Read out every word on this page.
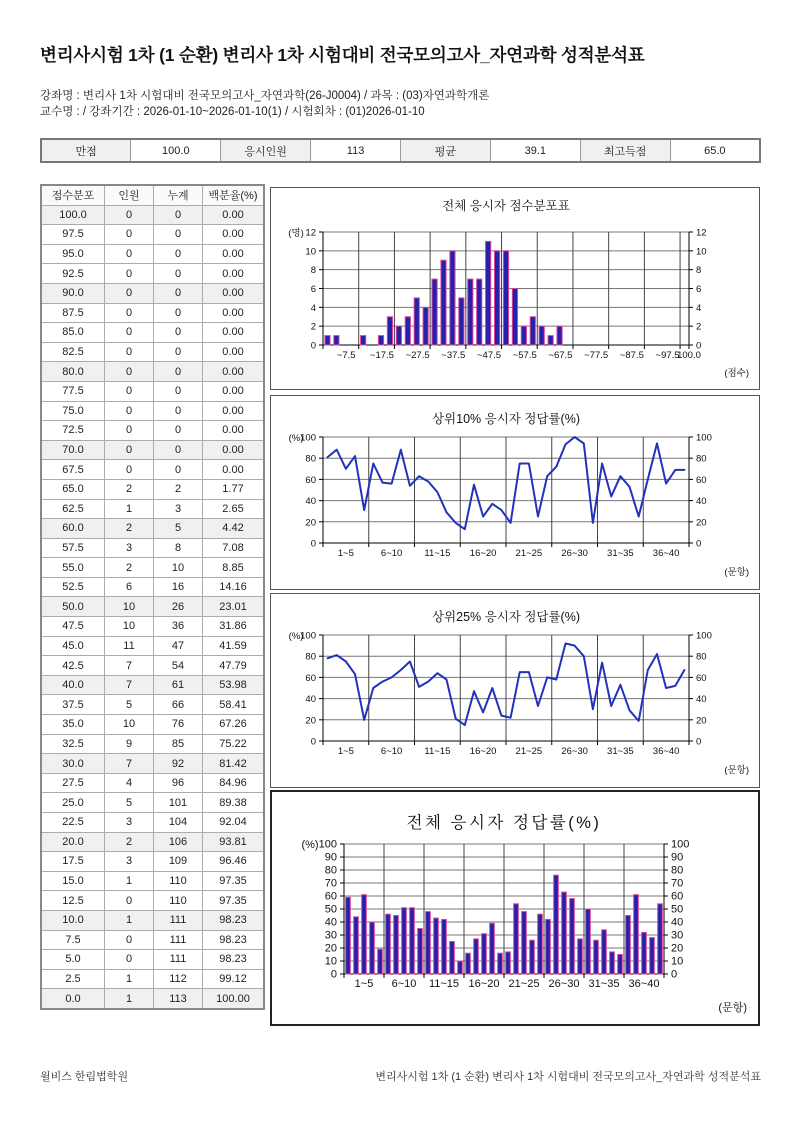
변리사시험 1차 (1 순환) 변리사 1차 시험대비 전국모의고사_자연과학 성적분석표
강좌명 : 변리사 1차 시험대비 전국모의고사_자연과학(26-J0004) / 과목 : (03)자연과학개론
교수명 : / 강좌기간 : 2026-01-10~2026-01-10(1) / 시험회차 : (01)2026-01-10
만점	100.0	응시인원	113	평균	39.1	최고득점	65.0
점수분포	인원	누계	백분율(%)
100.0	0	0	0.00
97.5	0	0	0.00
95.0	0	0	0.00
92.5	0	0	0.00
90.0	0	0	0.00
87.5	0	0	0.00
85.0	0	0	0.00
82.5	0	0	0.00
80.0	0	0	0.00
77.5	0	0	0.00
75.0	0	0	0.00
72.5	0	0	0.00
70.0	0	0	0.00
67.5	0	0	0.00
65.0	2	2	1.77
62.5	1	3	2.65
60.0	2	5	4.42
57.5	3	8	7.08
55.0	2	10	8.85
52.5	6	16	14.16
50.0	10	26	23.01
47.5	10	36	31.86
45.0	11	47	41.59
42.5	7	54	47.79
40.0	7	61	53.98
37.5	5	66	58.41
35.0	10	76	67.26
32.5	9	85	75.22
30.0	7	92	81.42
27.5	4	96	84.96
25.0	5	101	89.38
22.5	3	104	92.04
20.0	2	106	93.81
17.5	3	109	96.46
15.0	1	110	97.35
12.5	0	110	97.35
10.0	1	111	98.23
7.5	0	111	98.23
5.0	0	111	98.23
2.5	1	112	99.12
0.0	1	113	100.00
0	0
2	2
4	4
6	6
8	8
10	10
12	12
~7.5 ~17.5 ~27.5 ~37.5 ~47.5 ~57.5 ~67.5 ~77.5 ~87.5 ~97.5
100.0
전체 응시자 점수분포표
(명)
(점수)
0	0
20	20
40	40
60	60
80	80
100	100
1~5	6~10 11~15 16~20 21~25 26~30 31~35 36~40
상위10% 응시자 정답률(%)
(%)
(문항)
0	0
20	20
40	40
60	60
80	80
100	100
1~5	6~10 11~15 16~20 21~25 26~30 31~35 36~40
상위25% 응시자 정답률(%)
(%)
(문항)
0	0
10	10
20	20
30	30
40	40
50	50
60	60
70	70
80	80
90	90
100	100
1~5 6~10 11~15 16~20 21~25 26~30 31~35 36~40
전체 응시자 정답률(%)
(%)
(문항)
윌비스 한림법학원	변리사시험 1차 (1 순환) 변리사 1차 시험대비 전국모의고사_자연과학 성적분석표
